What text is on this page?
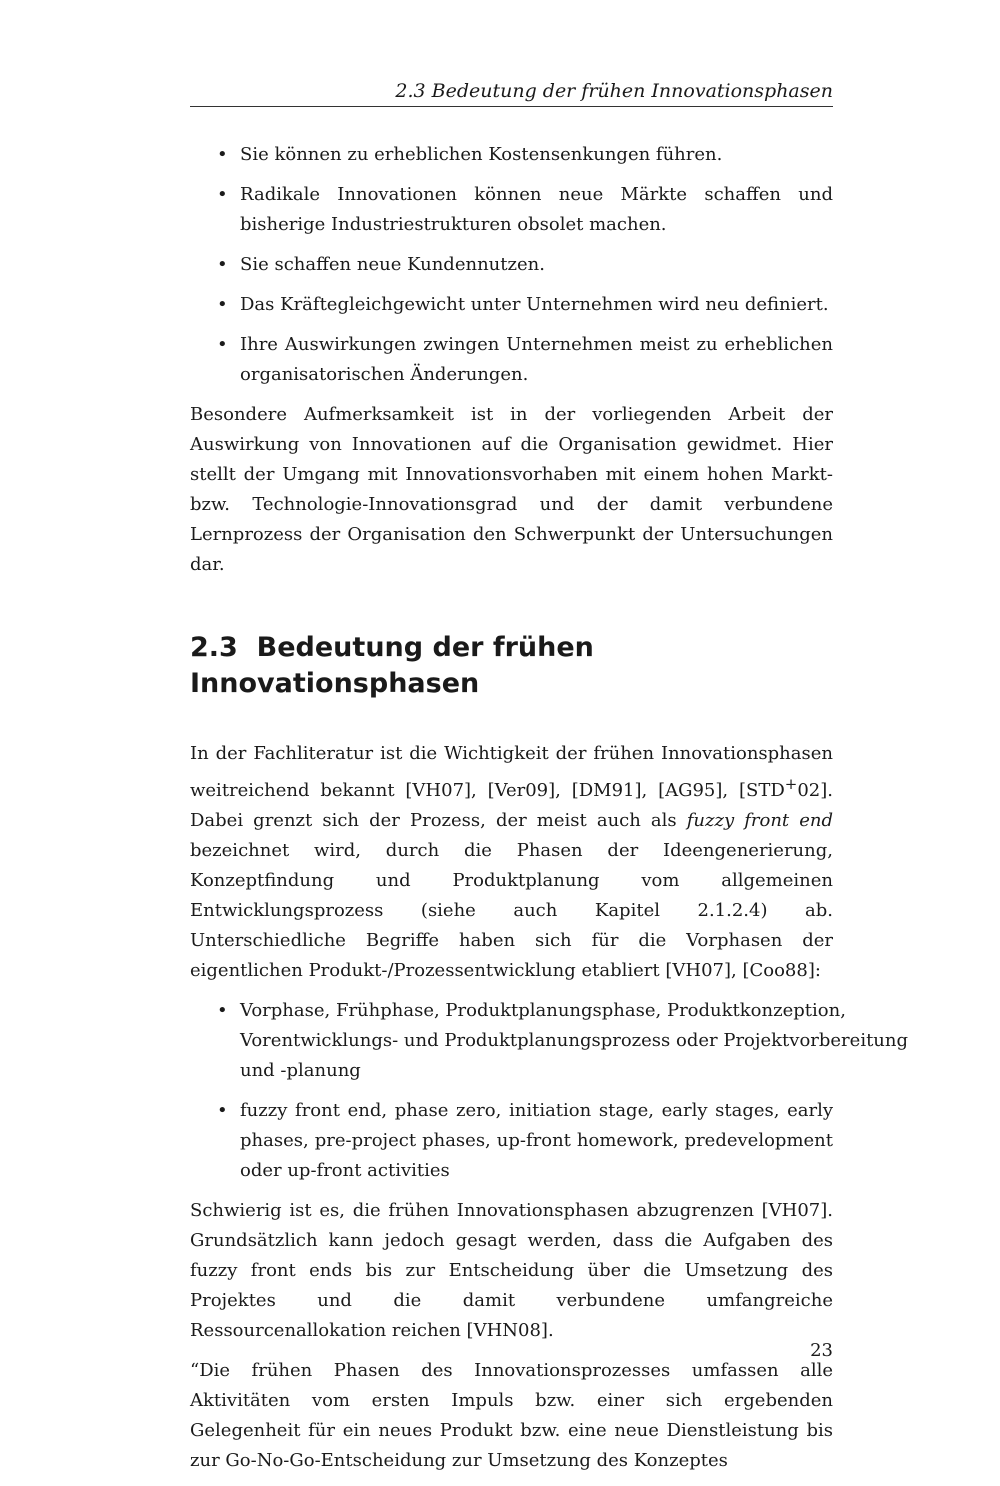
2.3 Bedeutung der frühen Innovationsphasen
• Sie können zu erheblichen Kostensenkungen führen.
• Radikale Innovationen können neue Märkte schaffen und bisherige Industriestrukturen obsolet machen.
• Sie schaffen neue Kundennutzen.
• Das Kräftegleichgewicht unter Unternehmen wird neu definiert.
• Ihre Auswirkungen zwingen Unternehmen meist zu erheblichen organisatorischen Änderungen.

Besondere Aufmerksamkeit ist in der vorliegenden Arbeit der Auswirkung von Innovationen auf die Organisation gewidmet. Hier stellt der Umgang mit Innovationsvorhaben mit einem hohen Markt- bzw. Technologie-Innovationsgrad und der damit verbundene Lernprozess der Organisation den Schwerpunkt der Untersuchungen dar.

2.3 Bedeutung der frühen Innovationsphasen

In der Fachliteratur ist die Wichtigkeit der frühen Innovationsphasen weitreichend bekannt [VH07], [Ver09], [DM91], [AG95], [STD+02]. Dabei grenzt sich der Prozess, der meist auch als fuzzy front end bezeichnet wird, durch die Phasen der Ideengenerierung, Konzeptfindung und Produktplanung vom allgemeinen Entwicklungsprozess (siehe auch Kapitel 2.1.2.4) ab. Unterschiedliche Begriffe haben sich für die Vorphasen der eigentlichen Produkt-/Prozessentwicklung etabliert [VH07], [Coo88]:

• Vorphase, Frühphase, Produktplanungsphase, Produktkonzeption, Vorentwicklungs- und Produktplanungsprozess oder Projektvorbereitung und -planung
• fuzzy front end, phase zero, initiation stage, early stages, early phases, pre-project phases, up-front homework, predevelopment oder up-front activities

Schwierig ist es, die frühen Innovationsphasen abzugrenzen [VH07]. Grundsätzlich kann jedoch gesagt werden, dass die Aufgaben des fuzzy front ends bis zur Entscheidung über die Umsetzung des Projektes und die damit verbundene umfangreiche Ressourcenallokation reichen [VHN08].

“Die frühen Phasen des Innovationsprozesses umfassen alle Aktivitäten vom ersten Impuls bzw. einer sich ergebenden Gelegenheit für ein neues Produkt bzw. eine neue Dienstleistung bis zur Go-No-Go-Entscheidung zur Umsetzung des Konzeptes

23
